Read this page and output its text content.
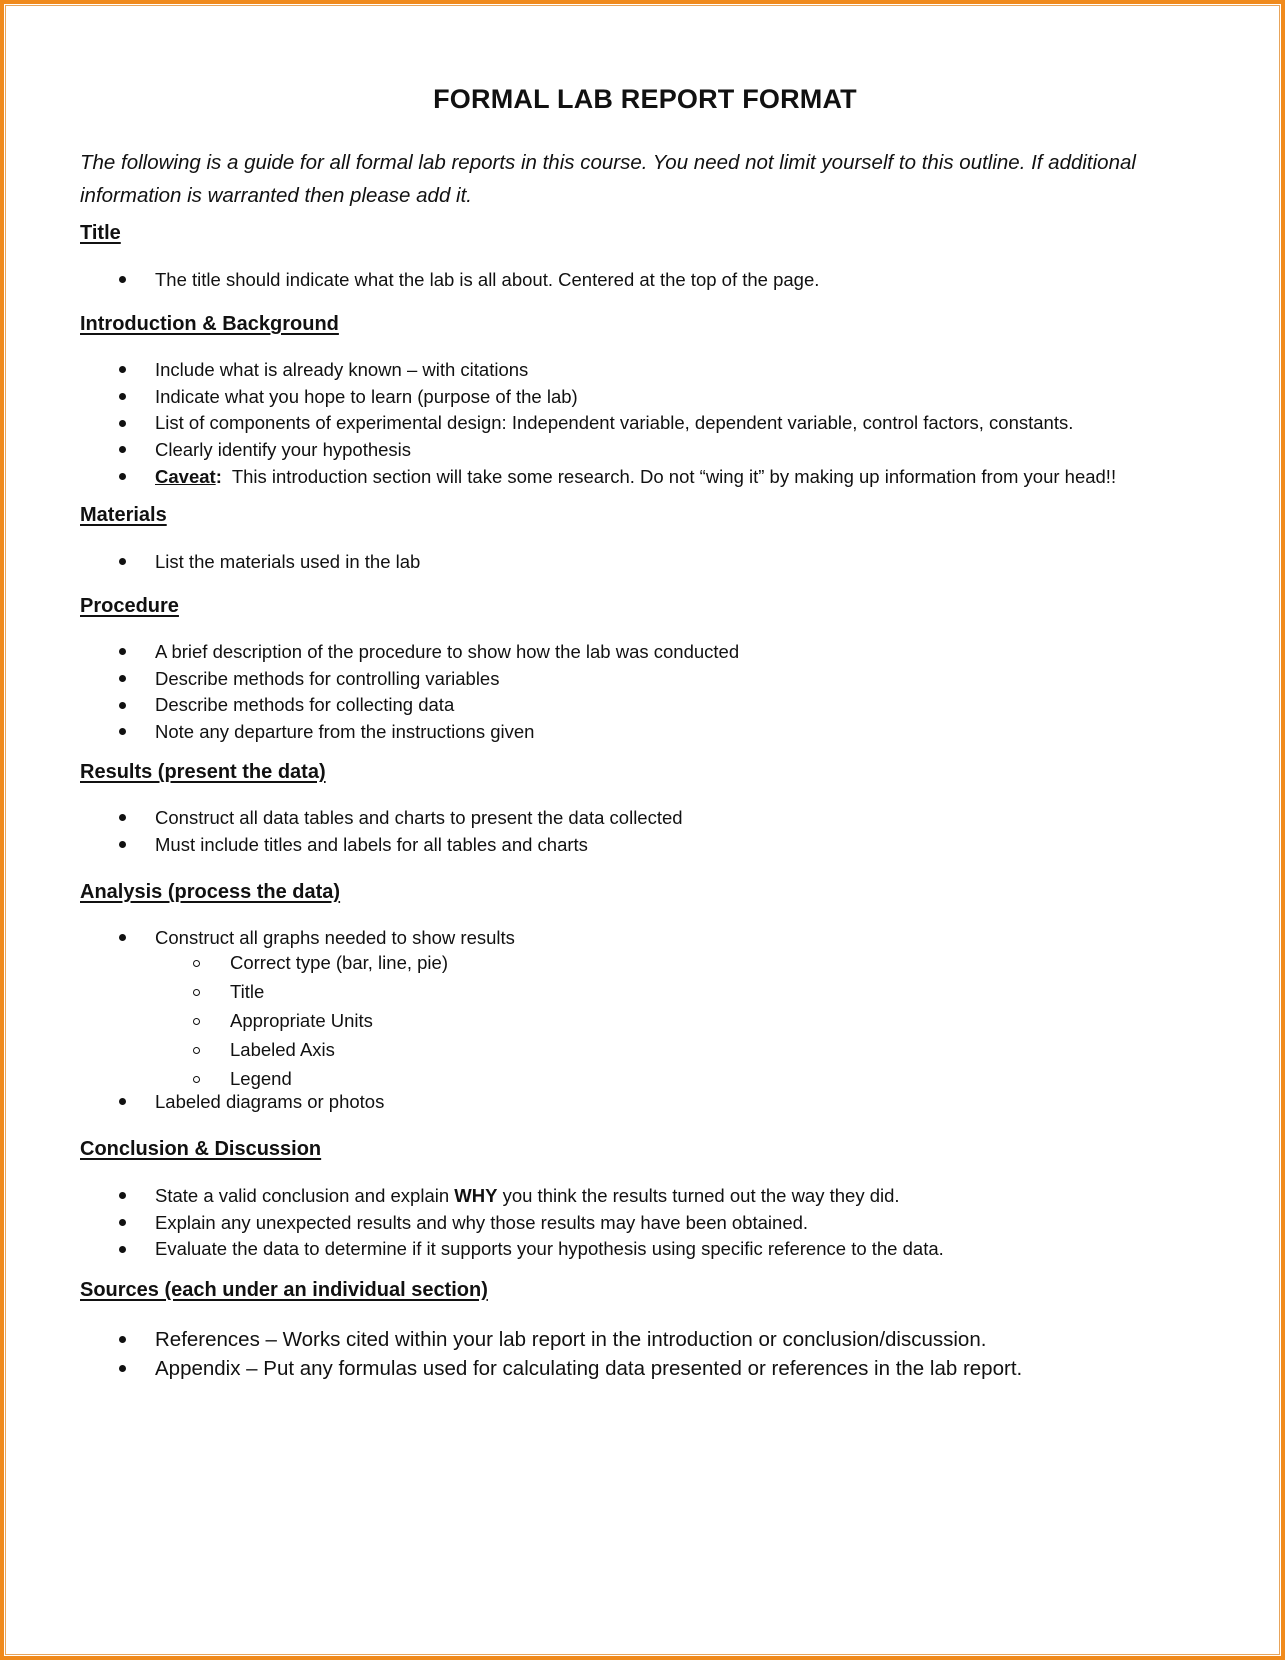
FORMAL LAB REPORT FORMAT
The following is a guide for all formal lab reports in this course. You need not limit yourself to this outline. If additional information is warranted then please add it.
Title
The title should indicate what the lab is all about. Centered at the top of the page.
Introduction & Background
Include what is already known – with citations
Indicate what you hope to learn (purpose of the lab)
List of components of experimental design: Independent variable, dependent variable, control factors, constants.
Clearly identify your hypothesis
Caveat: This introduction section will take some research. Do not “wing it” by making up information from your head!!
Materials
List the materials used in the lab
Procedure
A brief description of the procedure to show how the lab was conducted
Describe methods for controlling variables
Describe methods for collecting data
Note any departure from the instructions given
Results (present the data)
Construct all data tables and charts to present the data collected
Must include titles and labels for all tables and charts
Analysis (process the data)
Construct all graphs needed to show results
Correct type (bar, line, pie)
Title
Appropriate Units
Labeled Axis
Legend
Labeled diagrams or photos
Conclusion & Discussion
State a valid conclusion and explain WHY you think the results turned out the way they did.
Explain any unexpected results and why those results may have been obtained.
Evaluate the data to determine if it supports your hypothesis using specific reference to the data.
Sources (each under an individual section)
References – Works cited within your lab report in the introduction or conclusion/discussion.
Appendix – Put any formulas used for calculating data presented or references in the lab report.
